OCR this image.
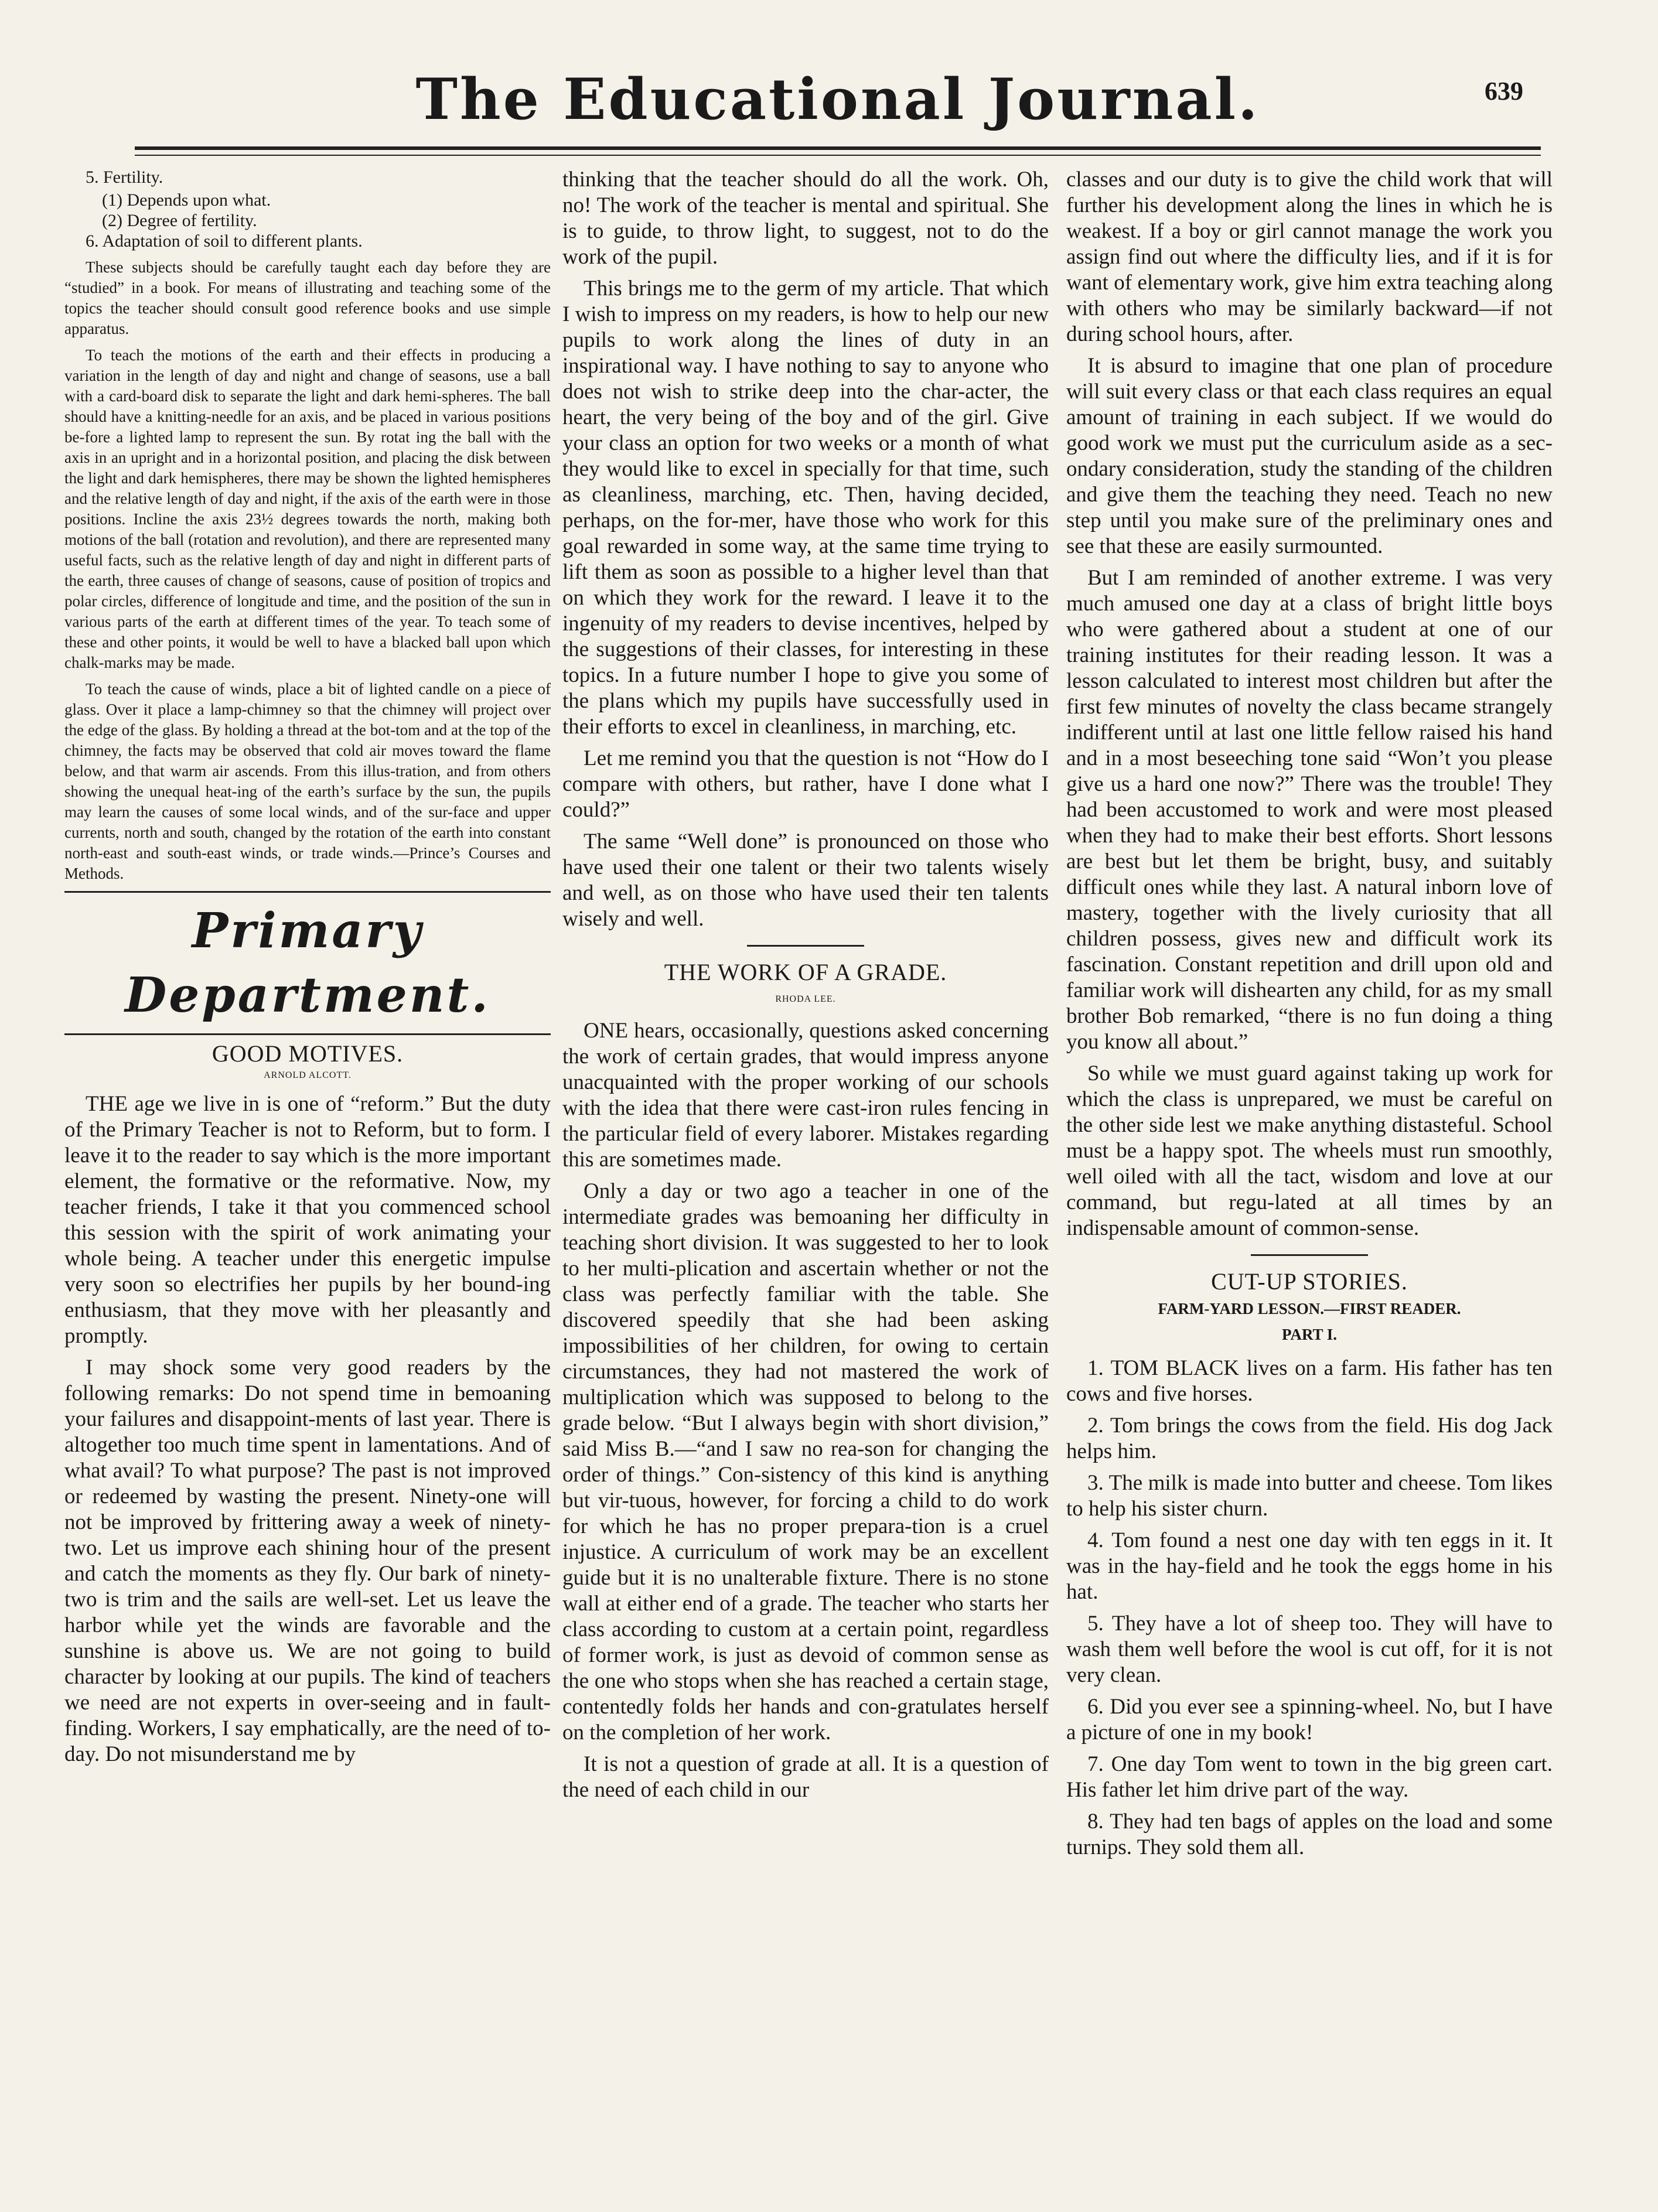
The Educational Journal.	639
5. Fertility.
(1) Depends upon what.
(2) Degree of fertility.
6. Adaptation of soil to different plants.

These subjects should be carefully taught each day before they are “studied” in a book. For means of illustrating and teaching some of the topics the teacher should consult good reference books and use simple apparatus.

To teach the motions of the earth and their effects in producing a variation in the length of day and night and change of seasons, use a ball with a card-board disk to separate the light and dark hemi-spheres. The ball should have a knitting-needle for an axis, and be placed in various positions be-fore a lighted lamp to represent the sun. By rotat ing the ball with the axis in an upright and in a horizontal position, and placing the disk between the light and dark hemispheres, there may be shown the lighted hemispheres and the relative length of day and night, if the axis of the earth were in those positions. Incline the axis 23½ degrees towards the north, making both motions of the ball (rotation and revolution), and there are represented many useful facts, such as the relative length of day and night in different parts of the earth, three causes of change of seasons, cause of position of tropics and polar circles, difference of longitude and time, and the position of the sun in various parts of the earth at different times of the year. To teach some of these and other points, it would be well to have a blacked ball upon which chalk-marks may be made.

To teach the cause of winds, place a bit of lighted candle on a piece of glass. Over it place a lamp-chimney so that the chimney will project over the edge of the glass. By holding a thread at the bot-tom and at the top of the chimney, the facts may be observed that cold air moves toward the flame below, and that warm air ascends. From this illus-tration, and from others showing the unequal heat-ing of the earth’s surface by the sun, the pupils may learn the causes of some local winds, and of the sur-face and upper currents, north and south, changed by the rotation of the earth into constant north-east and south-east winds, or trade winds.—Prince’s Courses and Methods.

Primary Department.
GOOD MOTIVES.
ARNOLD ALCOTT.

THE age we live in is one of “reform.” But the duty of the Primary Teacher is not to Reform, but to form. I leave it to the reader to say which is the more important element, the formative or the reformative. Now, my teacher friends, I take it that you commenced school this session with the spirit of work animating your whole being. A teacher under this energetic impulse very soon so electrifies her pupils by her bound-ing enthusiasm, that they move with her pleasantly and promptly.

I may shock some very good readers by the following remarks: Do not spend time in bemoaning your failures and disappoint-ments of last year. There is altogether too much time spent in lamentations. And of what avail? To what purpose? The past is not improved or redeemed by wasting the present. Ninety-one will not be improved by frittering away a week of ninety-two. Let us improve each shining hour of the present and catch the moments as they fly. Our bark of ninety-two is trim and the sails are well-set. Let us leave the harbor while yet the winds are favorable and the sunshine is above us. We are not going to build character by looking at our pupils. The kind of teachers we need are not experts in over-seeing and in fault-finding. Workers, I say emphatically, are the need of to-day. Do not misunderstand me by

thinking that the teacher should do all the work. Oh, no! The work of the teacher is mental and spiritual. She is to guide, to throw light, to suggest, not to do the work of the pupil.

This brings me to the germ of my article. That which I wish to impress on my readers, is how to help our new pupils to work along the lines of duty in an inspirational way. I have nothing to say to anyone who does not wish to strike deep into the char-acter, the heart, the very being of the boy and of the girl. Give your class an option for two weeks or a month of what they would like to excel in specially for that time, such as cleanliness, marching, etc. Then, having decided, perhaps, on the for-mer, have those who work for this goal rewarded in some way, at the same time trying to lift them as soon as possible to a higher level than that on which they work for the reward. I leave it to the ingenuity of my readers to devise incentives, helped by the suggestions of their classes, for interesting in these topics. In a future number I hope to give you some of the plans which my pupils have successfully used in their efforts to excel in cleanliness, in marching, etc.

Let me remind you that the question is not “How do I compare with others, but rather, have I done what I could?”

The same “Well done” is pronounced on those who have used their one talent or their two talents wisely and well, as on those who have used their ten talents wisely and well.

THE WORK OF A GRADE.
RHODA LEE.

ONE hears, occasionally, questions asked concerning the work of certain grades, that would impress anyone unacquainted with the proper working of our schools with the idea that there were cast-iron rules fencing in the particular field of every laborer. Mistakes regarding this are sometimes made.

Only a day or two ago a teacher in one of the intermediate grades was bemoaning her difficulty in teaching short division. It was suggested to her to look to her multi-plication and ascertain whether or not the class was perfectly familiar with the table. She discovered speedily that she had been asking impossibilities of her children, for owing to certain circumstances, they had not mastered the work of multiplication which was supposed to belong to the grade below. “But I always begin with short division,” said Miss B.—“and I saw no rea-son for changing the order of things.” Con-sistency of this kind is anything but vir-tuous, however, for forcing a child to do work for which he has no proper prepara-tion is a cruel injustice. A curriculum of work may be an excellent guide but it is no unalterable fixture. There is no stone wall at either end of a grade. The teacher who starts her class according to custom at a certain point, regardless of former work, is just as devoid of common sense as the one who stops when she has reached a certain stage, contentedly folds her hands and con-gratulates herself on the completion of her work.

It is not a question of grade at all. It is a question of the need of each child in our

classes and our duty is to give the child work that will further his development along the lines in which he is weakest. If a boy or girl cannot manage the work you assign find out where the difficulty lies, and if it is for want of elementary work, give him extra teaching along with others who may be similarly backward—if not during school hours, after.

It is absurd to imagine that one plan of procedure will suit every class or that each class requires an equal amount of training in each subject. If we would do good work we must put the curriculum aside as a sec-ondary consideration, study the standing of the children and give them the teaching they need. Teach no new step until you make sure of the preliminary ones and see that these are easily surmounted.

But I am reminded of another extreme. I was very much amused one day at a class of bright little boys who were gathered about a student at one of our training institutes for their reading lesson. It was a lesson calculated to interest most children but after the first few minutes of novelty the class became strangely indifferent until at last one little fellow raised his hand and in a most beseeching tone said “Won’t you please give us a hard one now?” There was the trouble! They had been accustomed to work and were most pleased when they had to make their best efforts. Short lessons are best but let them be bright, busy, and suitably difficult ones while they last. A natural inborn love of mastery, together with the lively curiosity that all children possess, gives new and difficult work its fascination. Constant repetition and drill upon old and familiar work will dishearten any child, for as my small brother Bob remarked, “there is no fun doing a thing you know all about.”

So while we must guard against taking up work for which the class is unprepared, we must be careful on the other side lest we make anything distasteful. School must be a happy spot. The wheels must run smoothly, well oiled with all the tact, wisdom and love at our command, but regu-lated at all times by an indispensable amount of common-sense.

CUT-UP STORIES.
FARM-YARD LESSON.—FIRST READER.
PART I.

1. TOM BLACK lives on a farm. His father has ten cows and five horses.

2. Tom brings the cows from the field. His dog Jack helps him.

3. The milk is made into butter and cheese. Tom likes to help his sister churn.

4. Tom found a nest one day with ten eggs in it. It was in the hay-field and he took the eggs home in his hat.

5. They have a lot of sheep too. They will have to wash them well before the wool is cut off, for it is not very clean.

6. Did you ever see a spinning-wheel. No, but I have a picture of one in my book!

7. One day Tom went to town in the big green cart. His father let him drive part of the way.

8. They had ten bags of apples on the load and some turnips. They sold them all.
